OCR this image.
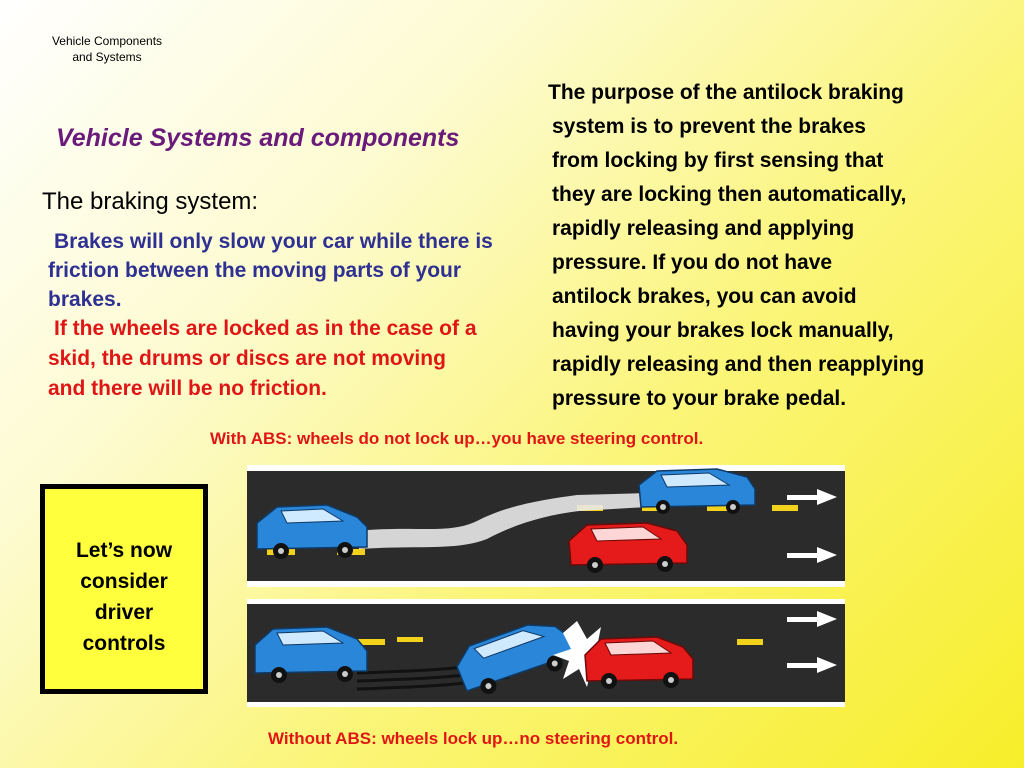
Vehicle Components
and Systems
Vehicle Systems and components
The braking system:
Brakes will only slow your car while there is friction between the moving parts of your brakes.
If the wheels are locked as in the case of a skid, the drums or discs are not moving and there will be no friction.
The purpose of the antilock braking
system is to prevent the brakes
from locking by first sensing that
they are locking then automatically,
rapidly releasing and applying
pressure. If you do not have
antilock brakes, you can avoid
having your brakes lock manually,
rapidly releasing and then reapplying
pressure to your brake pedal.
With ABS: wheels do not lock up…you have steering control.
Let’s now
consider
driver
controls
Without ABS: wheels lock up…no steering control.
